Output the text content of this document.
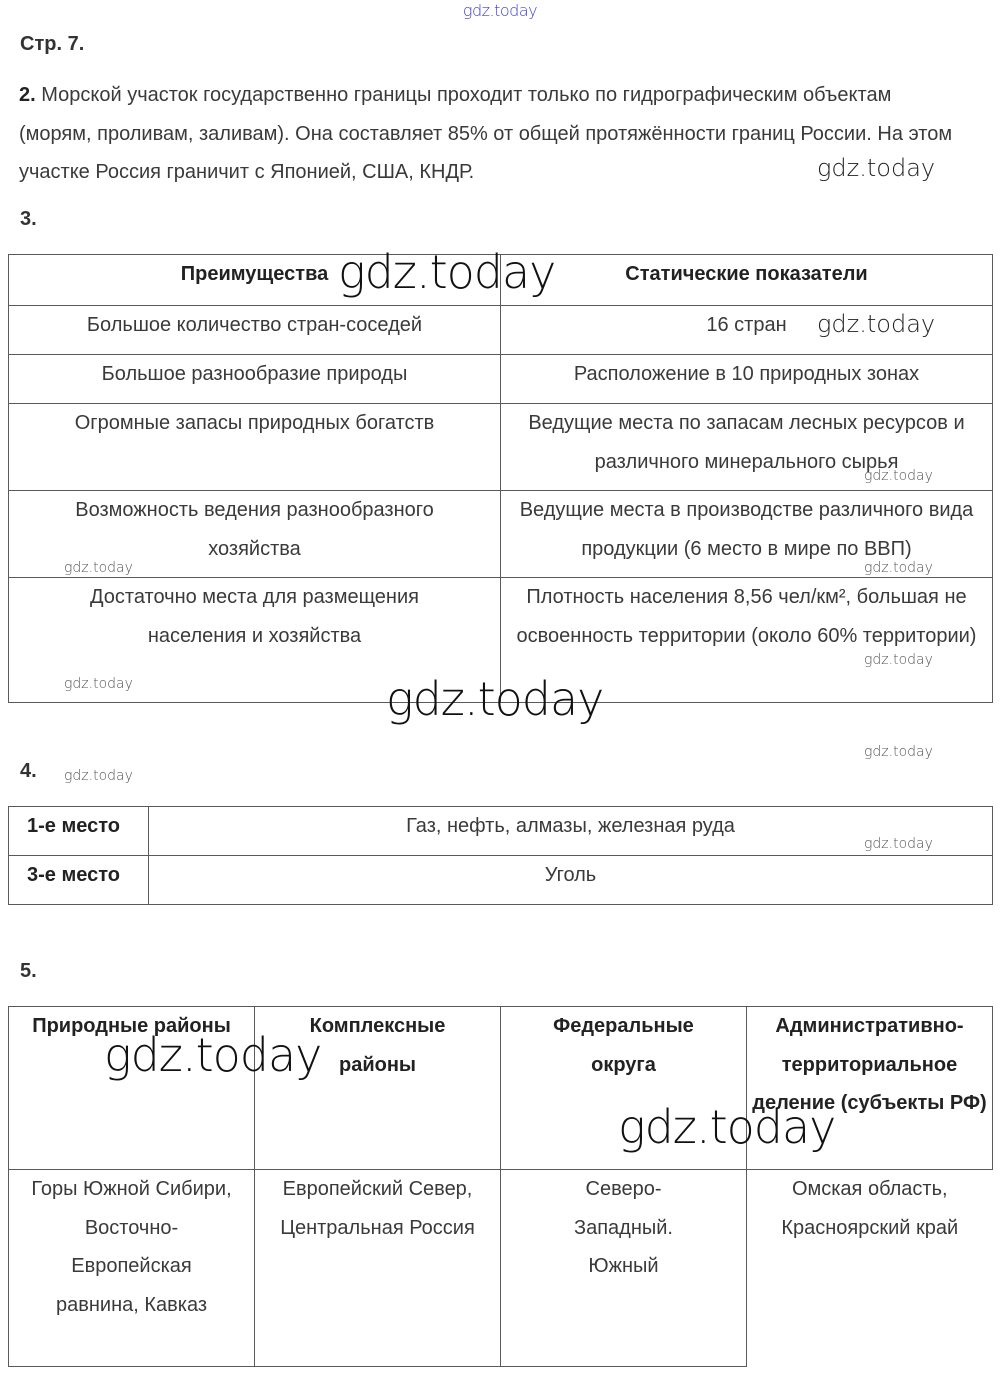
gdz.today
Стр. 7.
2. Морской участок государственно границы проходит только по гидрографическим объектам (морям, проливам, заливам). Она составляет 85% от общей протяжённости границ России. На этом участке Россия граничит с Японией, США, КНДР.	gdz.today
3.
Преимущества	Статические показатели
Большое количество стран-соседей	16 стран
Большое разнообразие природы	Расположение в 10 природных зонах
Огромные запасы природных богатств	Ведущие места по запасам лесных ресурсов и различного минерального сырья
Возможность ведения разнообразного хозяйства	Ведущие места в производстве различного вида продукции (6 место в мире по ВВП)
Достаточно места для размещения населения и хозяйства	Плотность населения 8,56 чел/км², большая не освоенность территории (около 60% территории)
gdz.today
gdz.today
gdz.today
gdz.today	gdz.today
gdz.today
gdz.today	gdz.today
gdz.today
4. gdz.today
1-е место	Газ, нефть, алмазы, железная руда
3-е место	Уголь
gdz.today
5.
Природные районы	Комплексные районы	Федеральные округа	Административно-территориальное деление (субъекты РФ)
Горы Южной Сибири, Восточно-Европейская равнина, Кавказ	Европейский Север, Центральная Россия	Северо-Западный. Южный	Омская область, Красноярский край
gdz.today
gdz.today
